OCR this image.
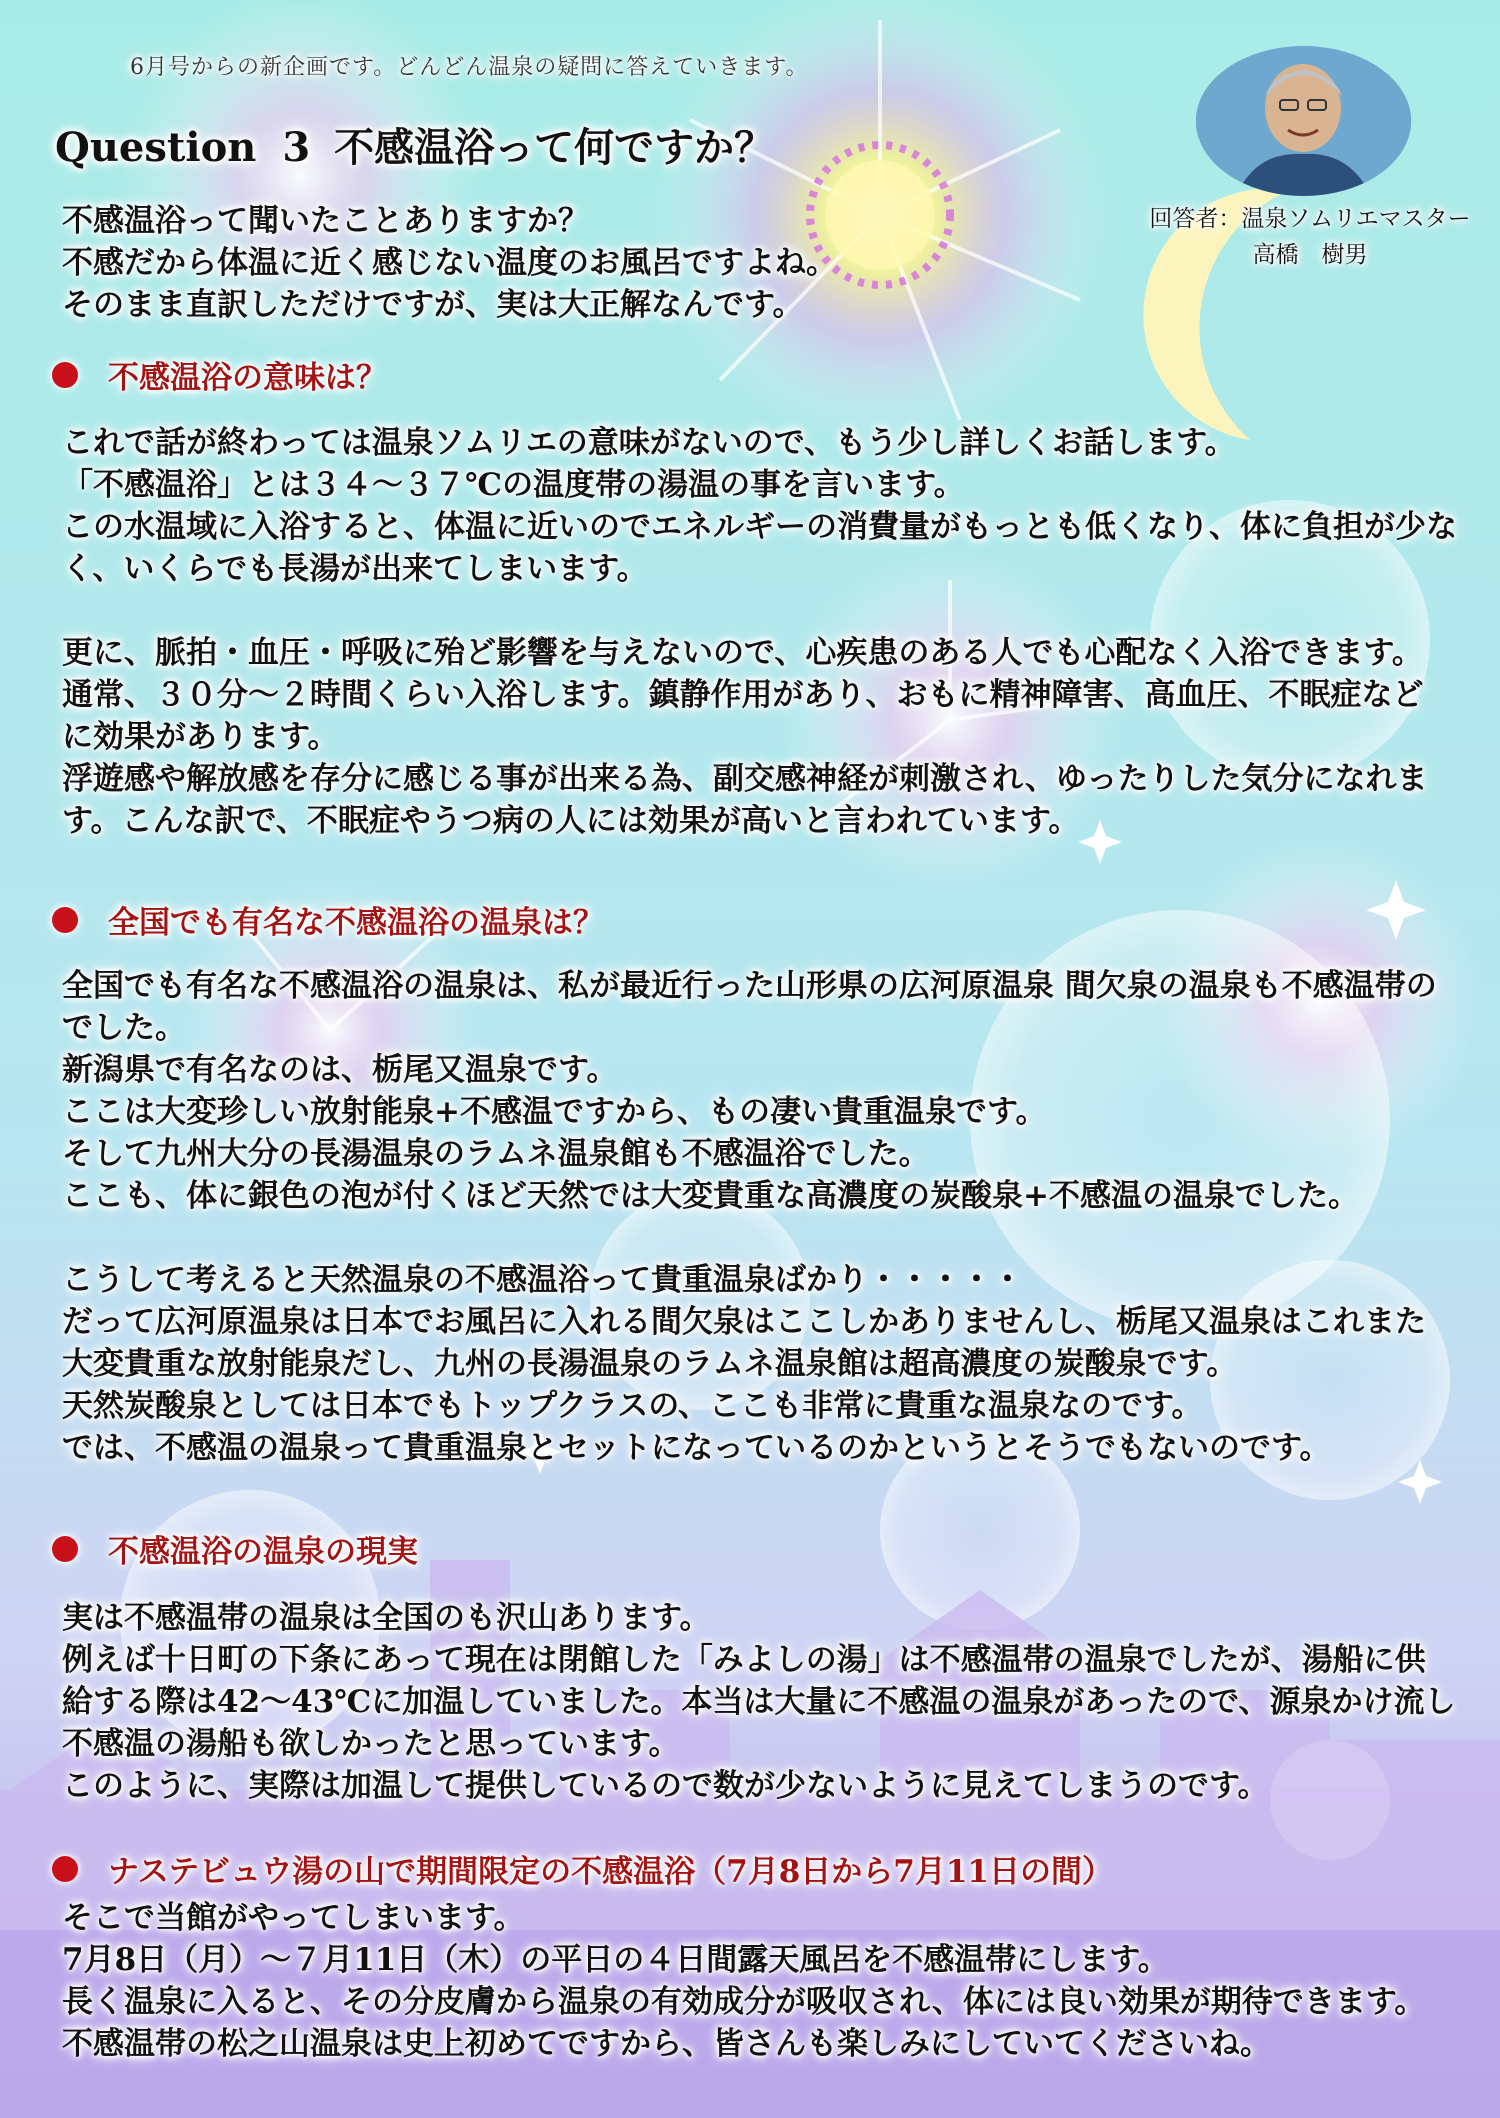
6月号からの新企画です。どんどん温泉の疑問に答えていきます。
Question 3 不感温浴って何ですか？
回答者：温泉ソムリエマスター
高橋　樹男

不感温浴って聞いたことありますか？

不感だから体温に近く感じない温度のお風呂ですよね。

そのまま直訳しただけですが、実は大正解なんです。

不感温浴の意味は？

これで話が終わっては温泉ソムリエの意味がないので、もう少し詳しくお話します。

「不感温浴」とは３４～３７℃の温度帯の湯温の事を言います。

この水温域に入浴すると、体温に近いのでエネルギーの消費量がもっとも低くなり、体に負担が少な

く、いくらでも長湯が出来てしまいます。

更に、脈拍・血圧・呼吸に殆ど影響を与えないので、心疾患のある人でも心配なく入浴できます。

通常、３０分～２時間くらい入浴します。鎮静作用があり、おもに精神障害、高血圧、不眠症など

に効果があります。

浮遊感や解放感を存分に感じる事が出来る為、副交感神経が刺激され、ゆったりした気分になれま

す。こんな訳で、不眠症やうつ病の人には効果が高いと言われています。

全国でも有名な不感温浴の温泉は？

全国でも有名な不感温浴の温泉は、私が最近行った山形県の広河原温泉 間欠泉の温泉も不感温帯の

でした。

新潟県で有名なのは、栃尾又温泉です。

ここは大変珍しい放射能泉+不感温ですから、もの凄い貴重温泉です。

そして九州大分の長湯温泉のラムネ温泉館も不感温浴でした。

ここも、体に銀色の泡が付くほど天然では大変貴重な高濃度の炭酸泉+不感温の温泉でした。

こうして考えると天然温泉の不感温浴って貴重温泉ばかり・・・・・

だって広河原温泉は日本でお風呂に入れる間欠泉はここしかありませんし、栃尾又温泉はこれまた

大変貴重な放射能泉だし、九州の長湯温泉のラムネ温泉館は超高濃度の炭酸泉です。

天然炭酸泉としては日本でもトップクラスの、ここも非常に貴重な温泉なのです。

では、不感温の温泉って貴重温泉とセットになっているのかというとそうでもないのです。

不感温浴の温泉の現実

実は不感温帯の温泉は全国のも沢山あります。

例えば十日町の下条にあって現在は閉館した「みよしの湯」は不感温帯の温泉でしたが、湯船に供

給する際は42～43℃に加温していました。本当は大量に不感温の温泉があったので、源泉かけ流し

不感温の湯船も欲しかったと思っています。

このように、実際は加温して提供しているので数が少ないように見えてしまうのです。

ナステビュウ湯の山で期間限定の不感温浴（7月8日から7月11日の間）

そこで当館がやってしまいます。

7月8日（月）～７月11日（木）の平日の４日間露天風呂を不感温帯にします。

長く温泉に入ると、その分皮膚から温泉の有効成分が吸収され、体には良い効果が期待できます。

不感温帯の松之山温泉は史上初めてですから、皆さんも楽しみにしていてくださいね。
